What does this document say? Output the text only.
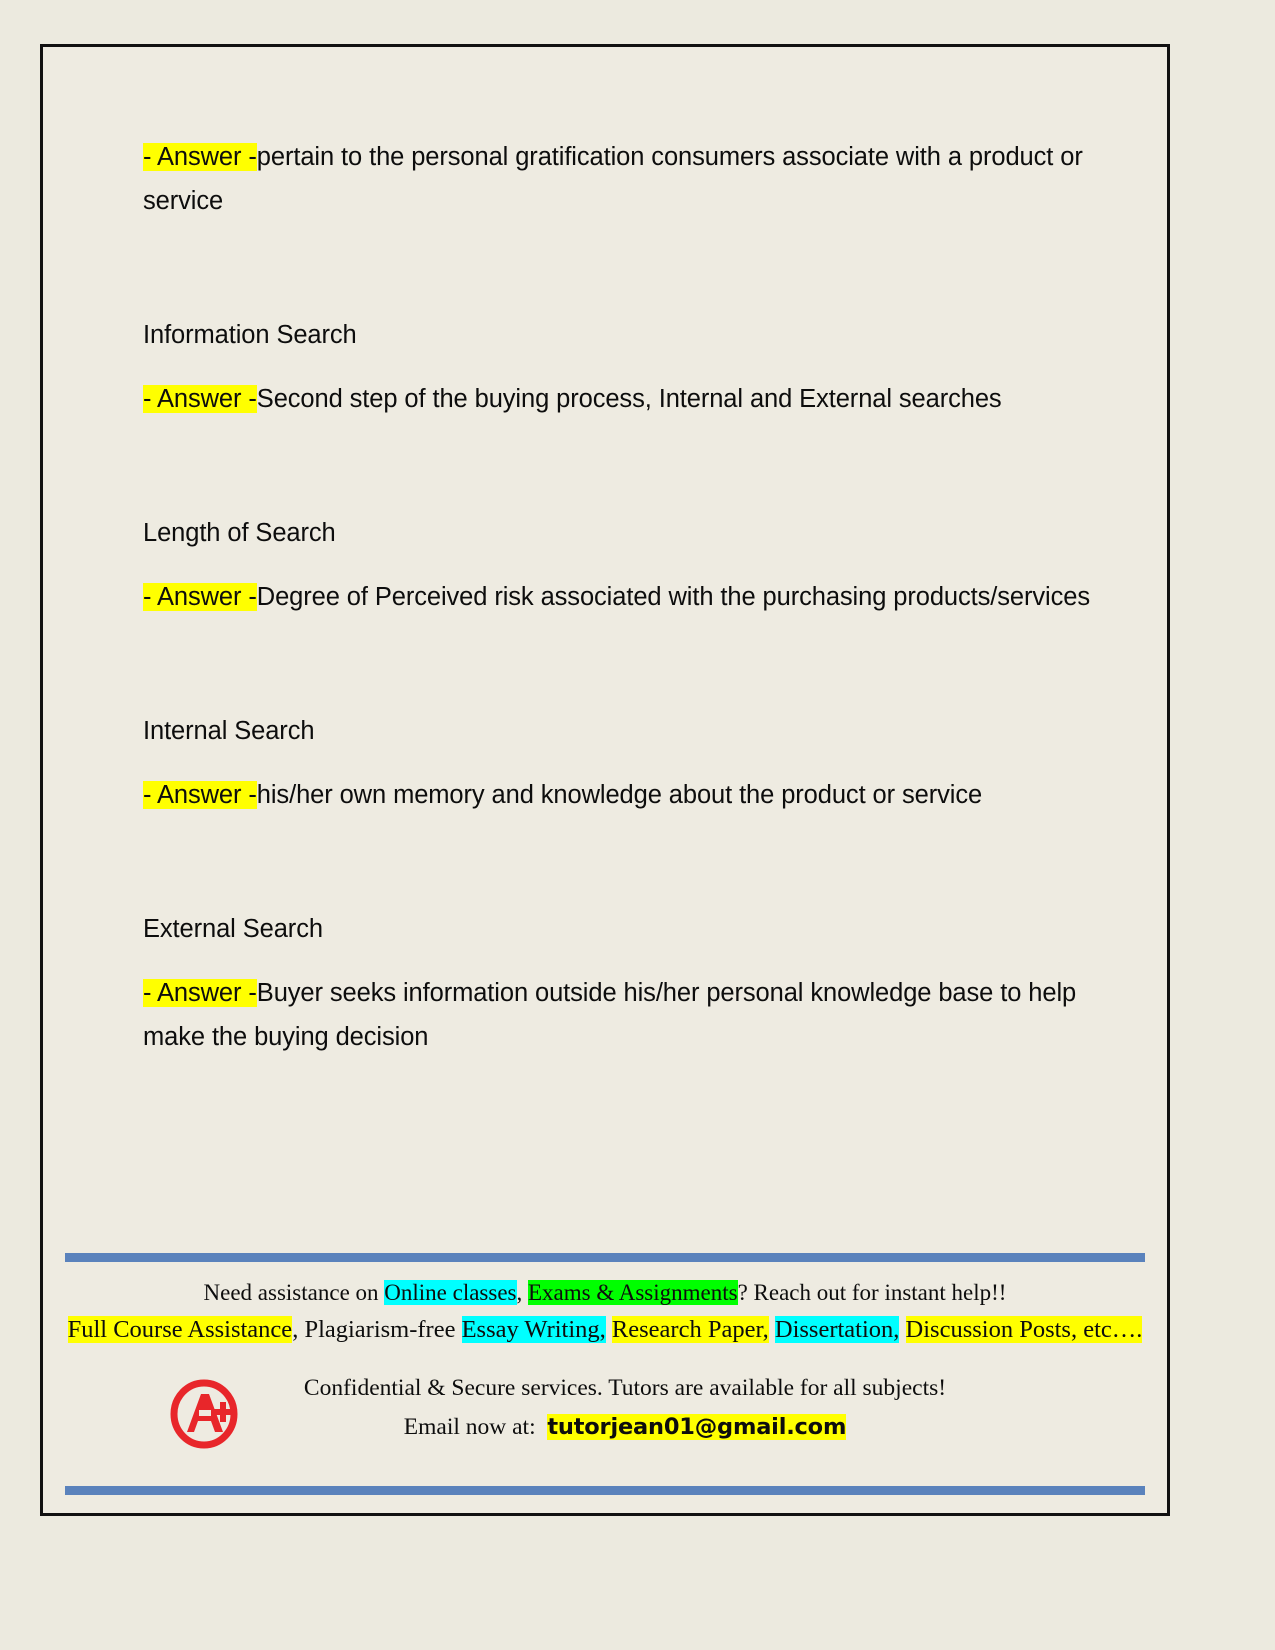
- Answer -pertain to the personal gratification consumers associate with a product or service

Information Search

- Answer -Second step of the buying process, Internal and External searches

Length of Search

- Answer -Degree of Perceived risk associated with the purchasing products/services

Internal Search

- Answer -his/her own memory and knowledge about the product or service

External Search

- Answer -Buyer seeks information outside his/her personal knowledge base to help make the buying decision

Need assistance on Online classes, Exams & Assignments? Reach out for instant help!!
Full Course Assistance, Plagiarism-free Essay Writing, Research Paper, Dissertation, Discussion Posts, etc….
Confidential & Secure services. Tutors are available for all subjects!
Email now at: tutorjean01@gmail.com
